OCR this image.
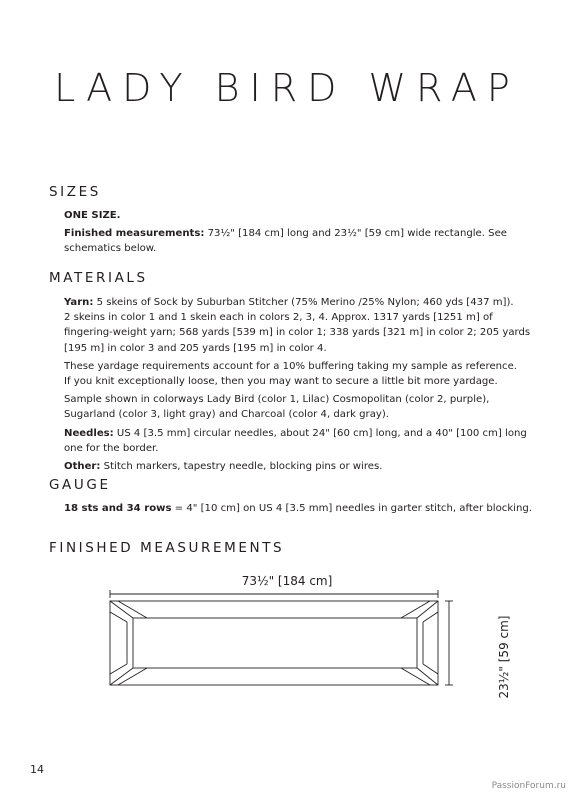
LADY BIRD WRAP
SIZES
ONE SIZE.
Finished measurements: 73½" [184 cm] long and 23½" [59 cm] wide rectangle. See
schematics below.
MATERIALS
Yarn: 5 skeins of Sock by Suburban Stitcher (75% Merino /25% Nylon; 460 yds [437 m]).
2 skeins in color 1 and 1 skein each in colors 2, 3, 4. Approx. 1317 yards [1251 m] of
fingering-weight yarn; 568 yards [539 m] in color 1; 338 yards [321 m] in color 2; 205 yards
[195 m] in color 3 and 205 yards [195 m] in color 4.
These yardage requirements account for a 10% buffering taking my sample as reference.
If you knit exceptionally loose, then you may want to secure a little bit more yardage.
Sample shown in colorways Lady Bird (color 1, Lilac) Cosmopolitan (color 2, purple),
Sugarland (color 3, light gray) and Charcoal (color 4, dark gray).
Needles: US 4 [3.5 mm] circular needles, about 24" [60 cm] long, and a 40" [100 cm] long
one for the border.
Other: Stitch markers, tapestry needle, blocking pins or wires.
GAUGE
18 sts and 34 rows = 4" [10 cm] on US 4 [3.5 mm] needles in garter stitch, after blocking.
FINISHED MEASUREMENTS
73½" [184 cm]
23½" [59 cm]
14
PassionForum.ru
